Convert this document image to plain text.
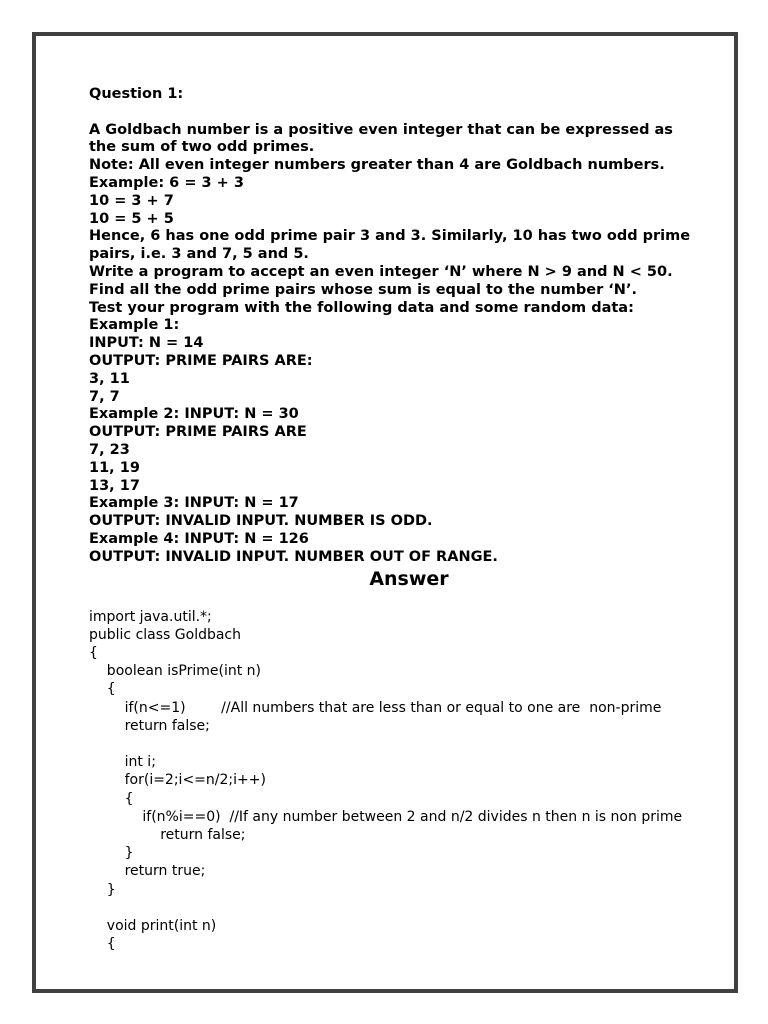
Question 1:

A Goldbach number is a positive even integer that can be expressed as

the sum of two odd primes.

Note: All even integer numbers greater than 4 are Goldbach numbers.

Example: 6 = 3 + 3

10 = 3 + 7

10 = 5 + 5

Hence, 6 has one odd prime pair 3 and 3. Similarly, 10 has two odd prime

pairs, i.e. 3 and 7, 5 and 5.

Write a program to accept an even integer ‘N’ where N > 9 and N < 50.

Find all the odd prime pairs whose sum is equal to the number ‘N’.

Test your program with the following data and some random data:

Example 1:

INPUT: N = 14

OUTPUT: PRIME PAIRS ARE:

3, 11

7, 7

Example 2: INPUT: N = 30

OUTPUT: PRIME PAIRS ARE

7, 23

11, 19

13, 17

Example 3: INPUT: N = 17

OUTPUT: INVALID INPUT. NUMBER IS ODD.

Example 4: INPUT: N = 126

OUTPUT: INVALID INPUT. NUMBER OUT OF RANGE.

Answer

import java.util.*;

public class Goldbach

{

boolean isPrime(int n)

{

if(n<=1)        //All numbers that are less than or equal to one are  non-prime

return false;

int i;

for(i=2;i<=n/2;i++)

{

if(n%i==0)  //If any number between 2 and n/2 divides n then n is non prime

return false;

}

return true;

}

void print(int n)

{
